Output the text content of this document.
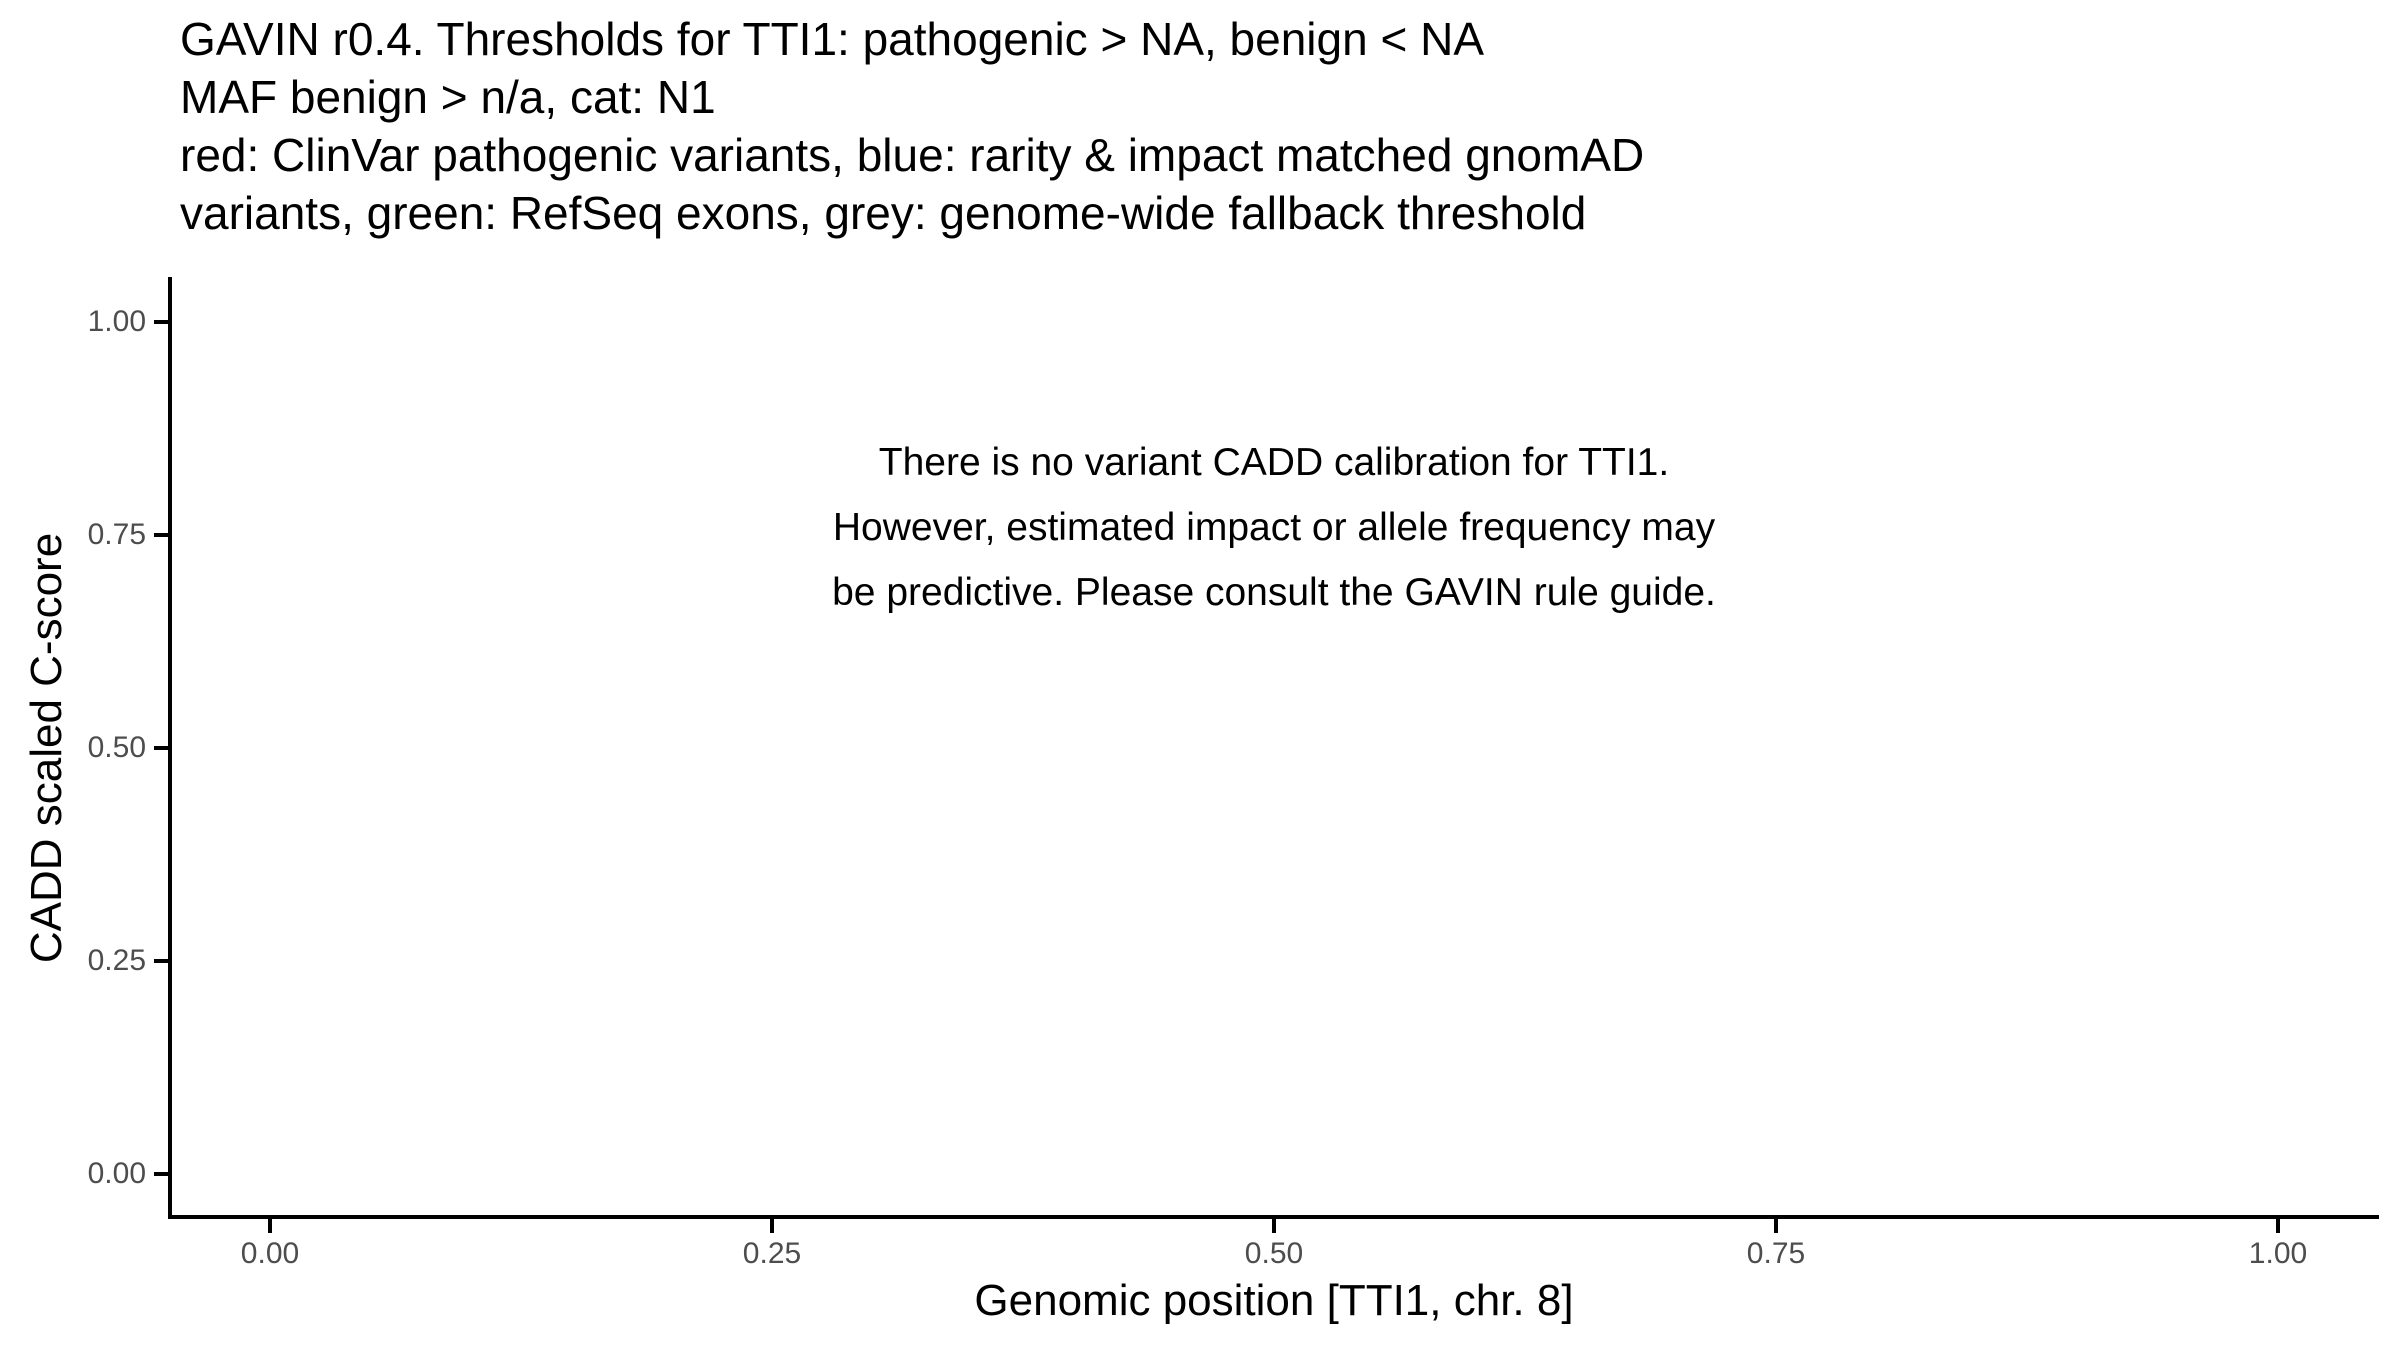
GAVIN r0.4. Thresholds for TTI1: pathogenic > NA, benign < NA
MAF benign > n/a, cat: N1
red: ClinVar pathogenic variants, blue: rarity & impact matched gnomAD
variants, green: RefSeq exons, grey: genome-wide fallback threshold
1.00
0.75
0.50
0.25
0.00
0.00	0.25	0.50	0.75	1.00
CADD scaled C-score
Genomic position [TTI1, chr. 8]
There is no variant CADD calibration for TTI1.
However, estimated impact or allele frequency may
be predictive. Please consult the GAVIN rule guide.
